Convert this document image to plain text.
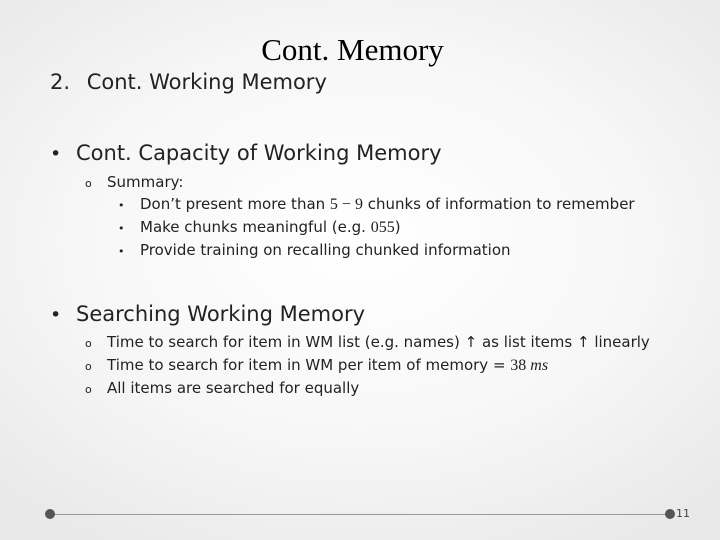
Cont. Memory
2. Cont. Working Memory
• Cont. Capacity of Working Memory
o Summary:
• Don’t present more than 5 − 9 chunks of information to remember
• Make chunks meaningful (e.g. 055)
• Provide training on recalling chunked information
• Searching Working Memory
o Time to search for item in WM list (e.g. names) ↑ as list items ↑ linearly
o Time to search for item in WM per item of memory = 38 ms
o All items are searched for equally
11
